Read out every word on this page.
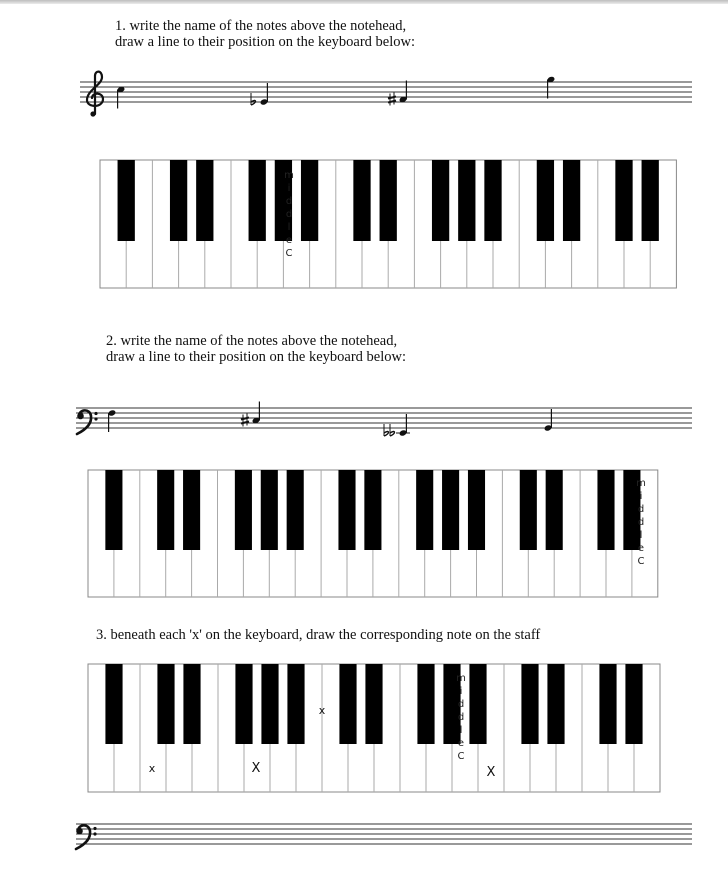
1. write the name of the notes above the notehead,
draw a line to their position on the keyboard below:

2. write the name of the notes above the notehead,
draw a line to their position on the keyboard below:

3. beneath each 'x' on the keyboard, draw the corresponding note on the staff

m
i
d
d
l
e
C
m
i
d
d
l
e
C
m
i
d
d
l
e
C
x	X
x
X
